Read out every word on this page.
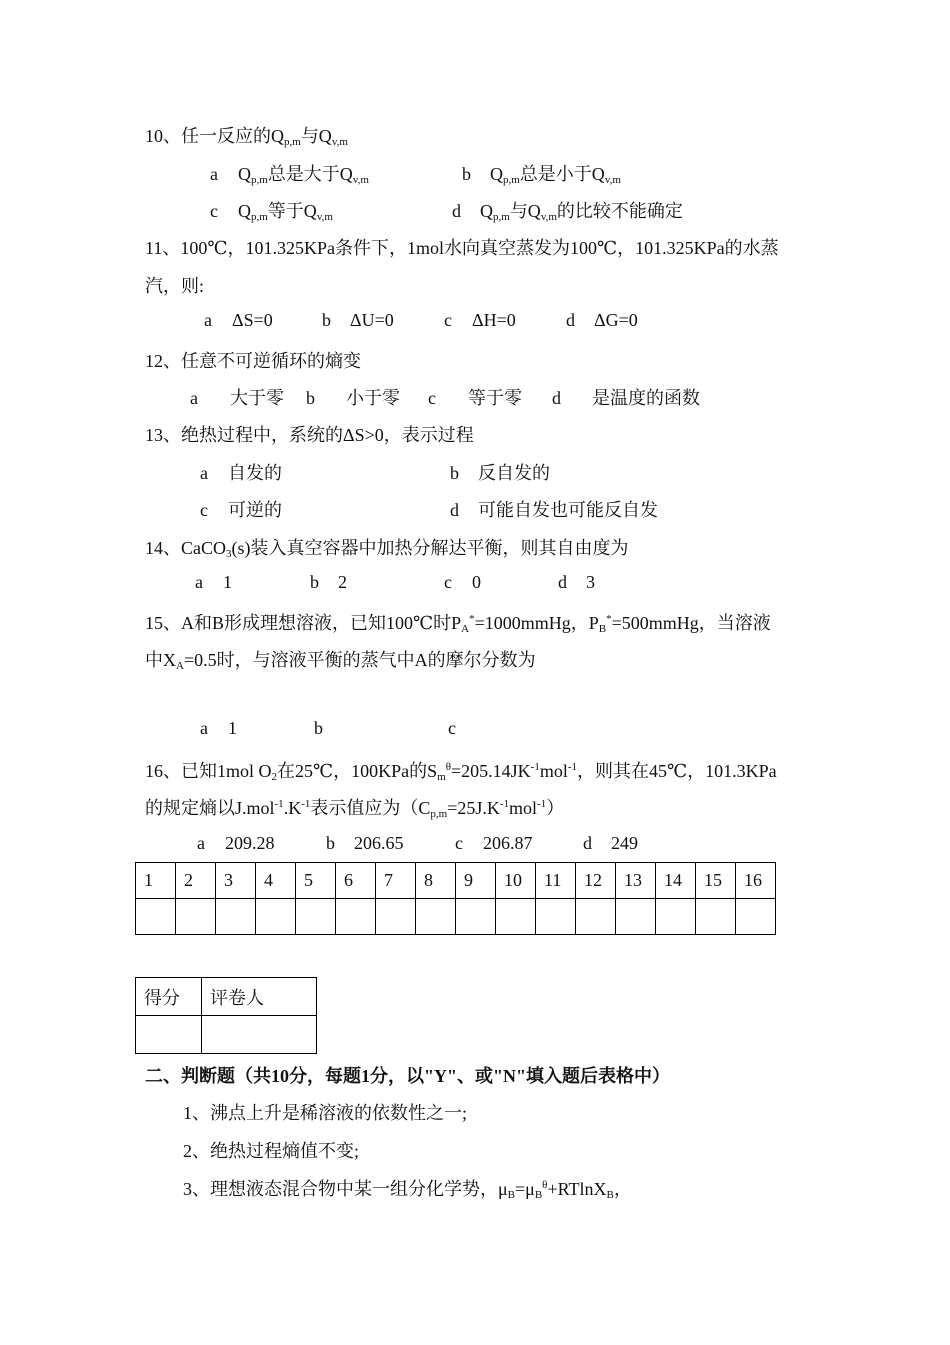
10、任一反应的$Q_{p,m}$与$Q_{v,m}$
a $Q_{p,m}$总是大于$Q_{v,m}$	b $Q_{p,m}$总是小于$Q_{v,m}$
c $Q_{p,m}$等于$Q_{v,m}$	d $Q_{p,m}$与$Q_{v,m}$的比较不能确定
11、100℃，101.325KPa条件下，1mol水向真空蒸发为100℃，101.325KPa的水蒸
汽，则:
a ΔS=0	b ΔU=0	c ΔH=0	d ΔG=0
12、任意不可逆循环的熵变
a 大于零 b 小于零 c 等于零 d 是温度的函数
13、绝热过程中，系统的ΔS>0，表示过程
a 自发的	b 反自发的
c 可逆的	d 可能自发也可能反自发
14、CaCO$_3$(s)装入真空容器中加热分解达平衡，则其自由度为
a 1	b 2	c 0	d 3
15、A和B形成理想溶液，已知100℃时$P_A^*=1000mmHg$，$P_B^*=500mmHg$，当溶液
中$X_A=0.5$时，与溶液平衡的蒸气中A的摩尔分数为
a 1	b	c
16、已知1mol $O_2$在25℃，100KPa的$S_m^\theta=205.14JK^{-1}mol^{-1}$，则其在45℃，101.3KPa
的规定熵以$J.mol^{-1}.K^{-1}$表示值应为$(C_{p,m}=25J.K^{-1}mol^{-1})$
a 209.28	b 206.65	c 206.87	d 249
1	2	3	4	5	6	7	8	9	10	11	12	13	14	15	16

得分	评卷人

二、判断题（共10分，每题1分，以"Y"、或"N"填入题后表格中）
1、沸点上升是稀溶液的依数性之一;
2、绝热过程熵值不变;
3、理想液态混合物中某一组分化学势，$\mu_B=\mu_B^\theta+RTlnX_B$，
